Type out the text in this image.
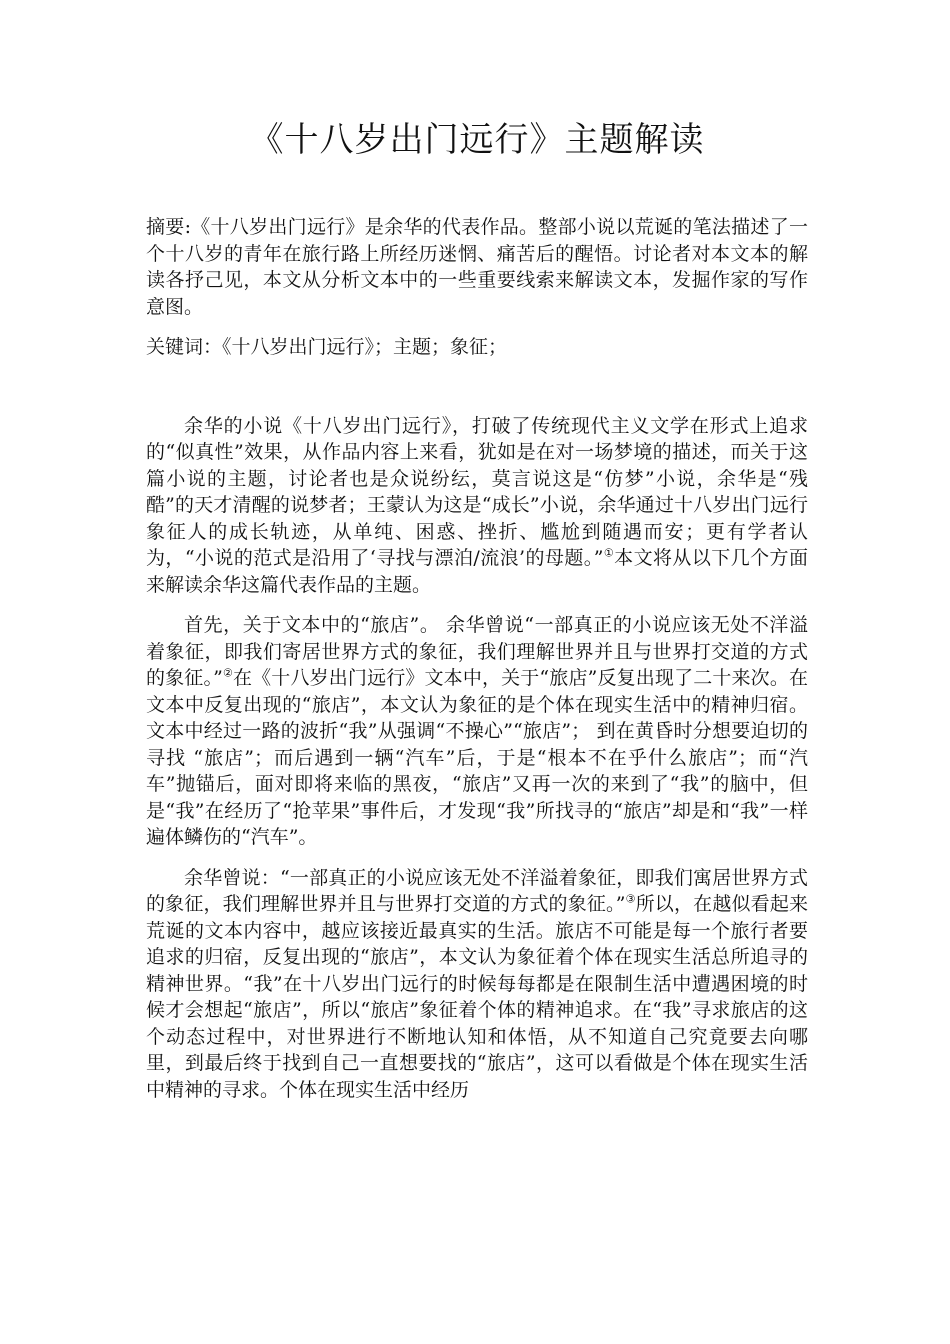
《十八岁出门远行》主题解读

摘要:《十八岁出门远行》是余华的代表作品。整部小说以荒诞的笔法描述了一个十八岁的青年在旅行路上所经历迷惘、痛苦后的醒悟。讨论者对本文本的解读各抒己见，本文从分析文本中的一些重要线索来解读文本，发掘作家的写作意图。

关键词：《十八岁出门远行》；主题；象征；

余华的小说《十八岁出门远行》，打破了传统现代主义文学在形式上追求的“似真性”效果，从作品内容上来看，犹如是在对一场梦境的描述，而关于这篇小说的主题，讨论者也是众说纷纭，莫言说这是“仿梦”小说，余华是“残酷”的天才清醒的说梦者；王蒙认为这是“成长”小说，余华通过十八岁出门远行象征人的成长轨迹，从单纯、困惑、挫折、尴尬到随遇而安；更有学者认为，“小说的范式是沿用了‘寻找与漂泊/流浪’的母题。”①本文将从以下几个方面来解读余华这篇代表作品的主题。

首先，关于文本中的“旅店”。 余华曾说“一部真正的小说应该无处不洋溢着象征，即我们寄居世界方式的象征，我们理解世界并且与世界打交道的方式的象征。”②在《十八岁出门远行》文本中，关于“旅店”反复出现了二十来次。在文本中反复出现的“旅店”，本文认为象征的是个体在现实生活中的精神归宿。文本中经过一路的波折“我”从强调“不操心”“旅店”； 到在黄昏时分想要迫切的寻找 “旅店”；而后遇到一辆“汽车”后，于是“根本不在乎什么旅店”；而“汽车”抛锚后，面对即将来临的黑夜，“旅店”又再一次的来到了“我”的脑中，但是“我”在经历了“抢苹果”事件后，才发现“我”所找寻的“旅店”却是和“我”一样遍体鳞伤的“汽车”。

余华曾说：“一部真正的小说应该无处不洋溢着象征，即我们寓居世界方式的象征，我们理解世界并且与世界打交道的方式的象征。”③所以，在越似看起来荒诞的文本内容中，越应该接近最真实的生活。旅店不可能是每一个旅行者要追求的归宿，反复出现的“旅店”，本文认为象征着个体在现实生活总所追寻的精神世界。“我”在十八岁出门远行的时候每每都是在限制生活中遭遇困境的时候才会想起“旅店”，所以“旅店”象征着个体的精神追求。在“我”寻求旅店的这个动态过程中，对世界进行不断地认知和体悟，从不知道自己究竟要去向哪里，到最后终于找到自己一直想要找的“旅店”，这可以看做是个体在现实生活中精神的寻求。个体在现实生活中经历
